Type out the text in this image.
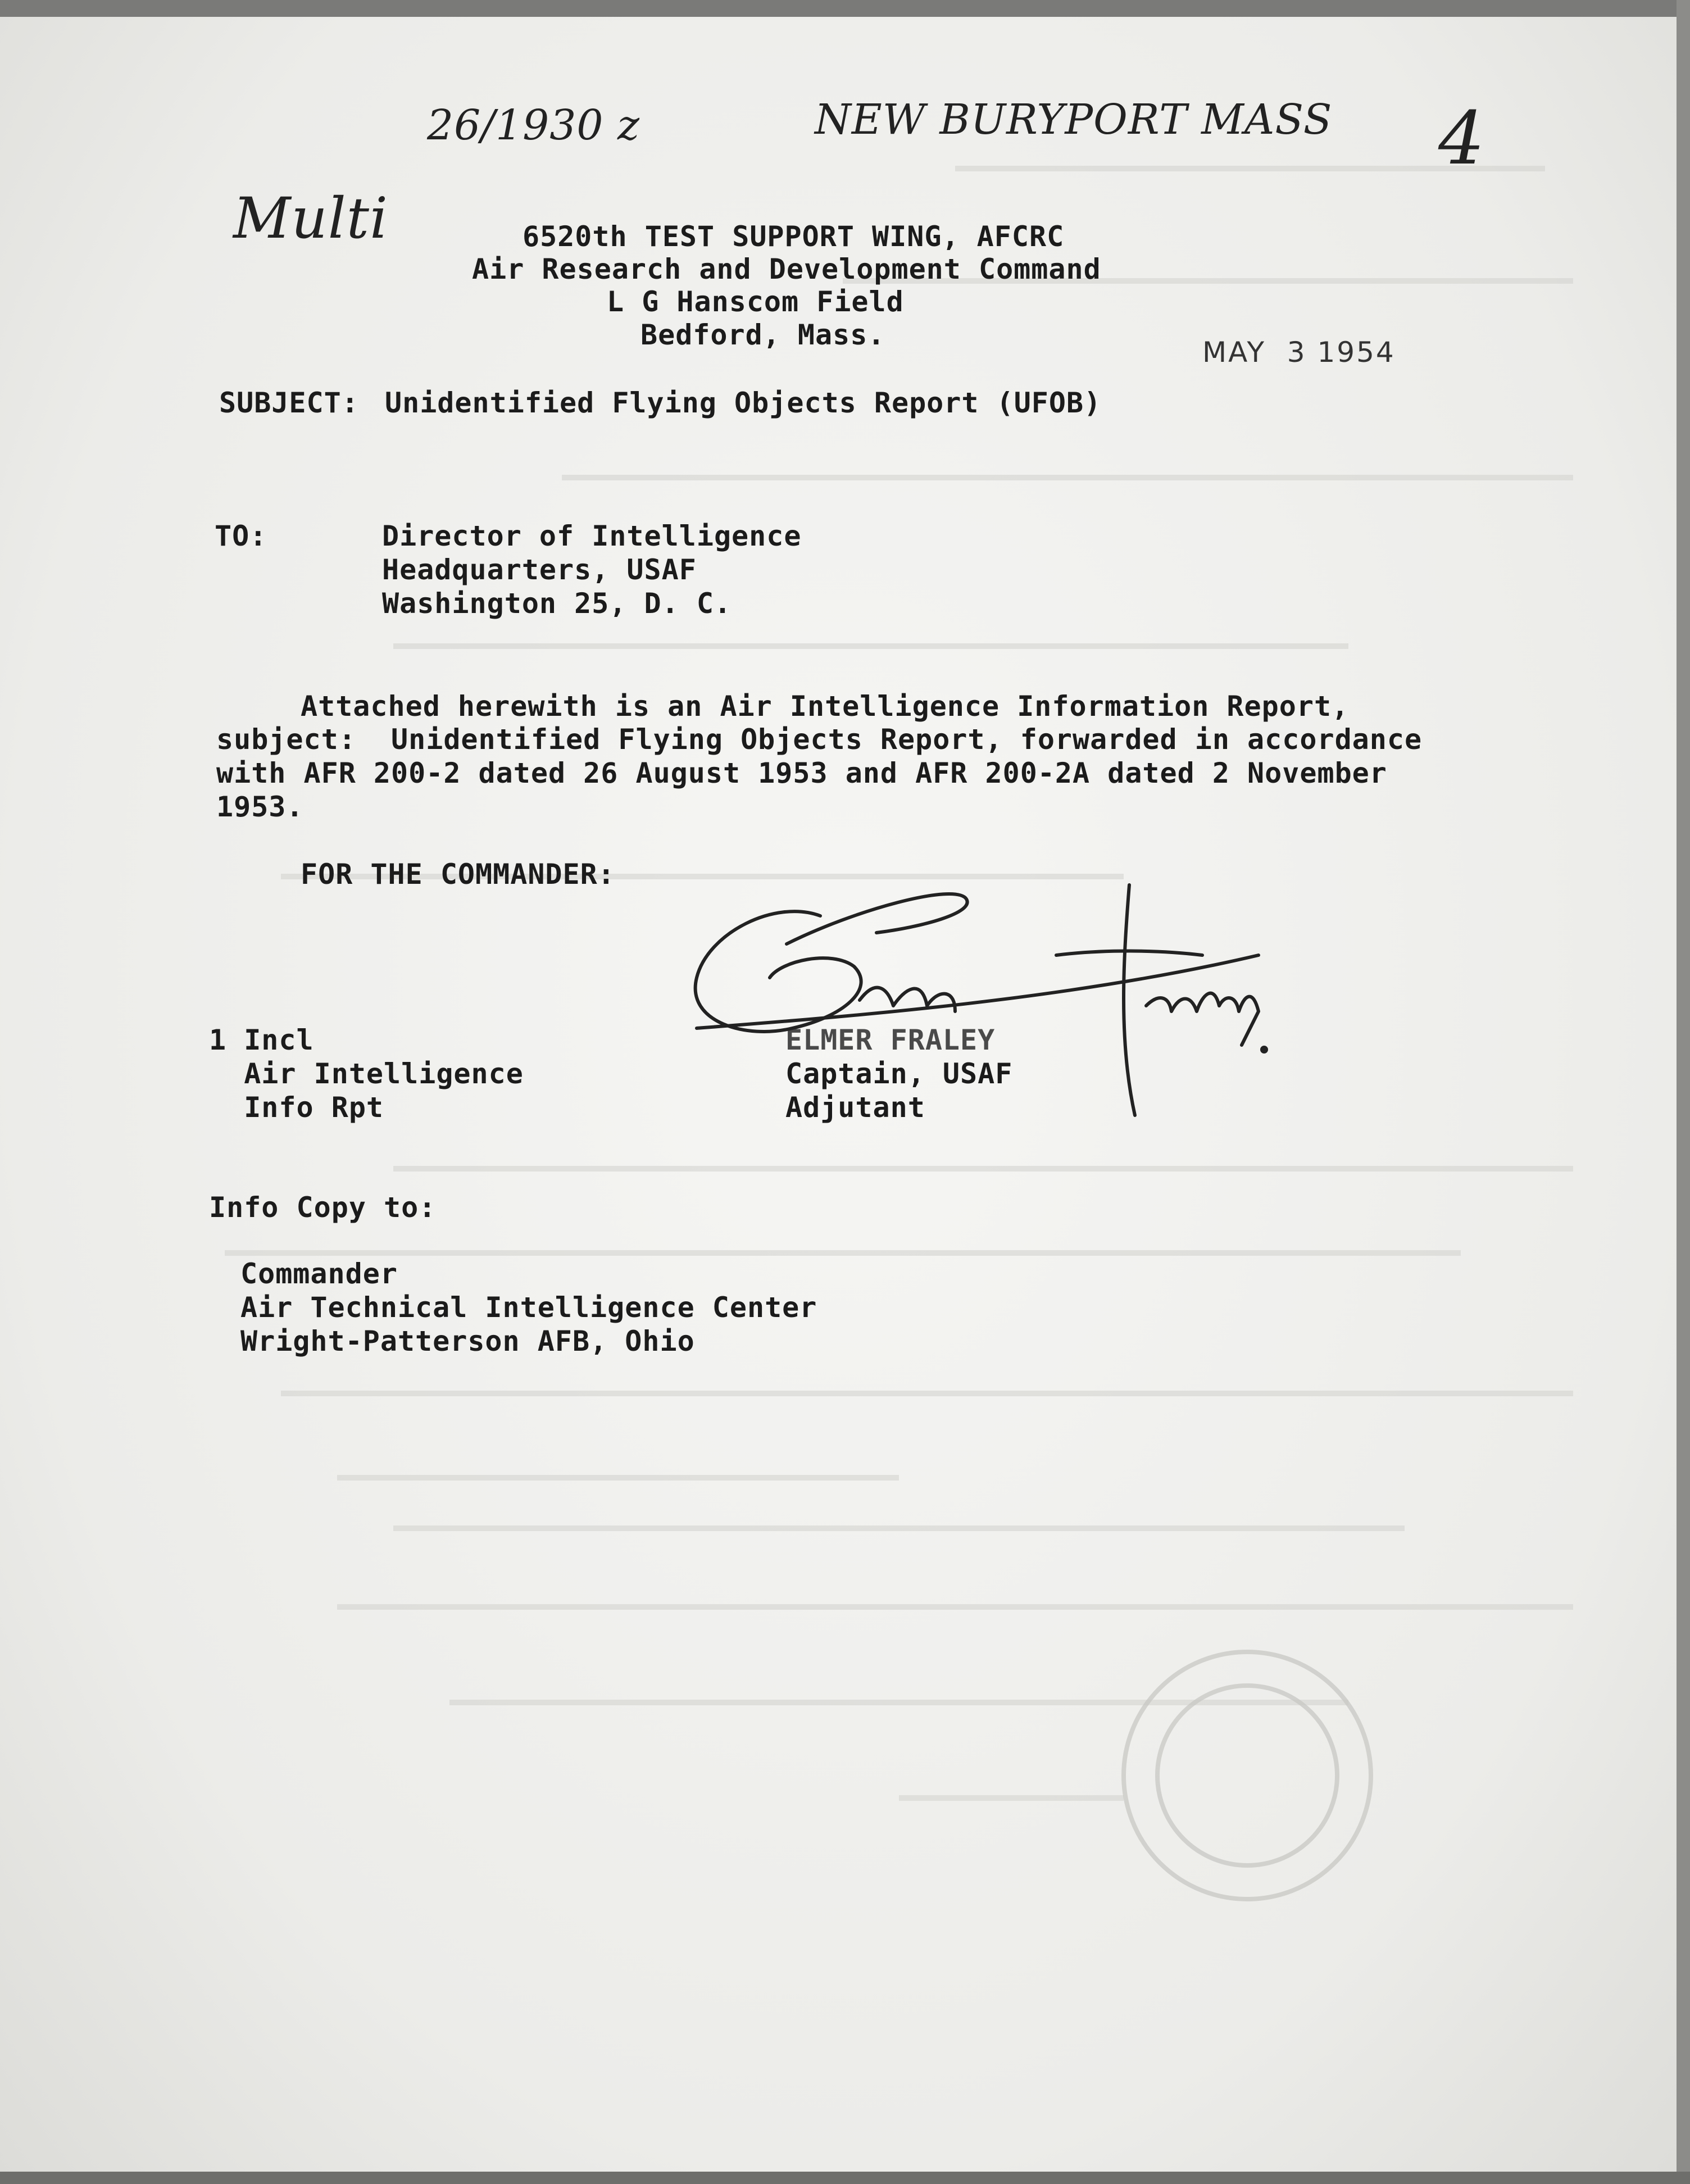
26/1930 z	NEW BURYPORT MASS 4
Multi	6520th TEST SUPPORT WING, AFCRC
Air Research and Development Command
L G Hanscom Field
Bedford, Mass.
MAY  3 1954
SUBJECT: Unidentified Flying Objects Report (UFOB)
TO:	Director of Intelligence
Headquarters, USAF
Washington 25, D. C.
Attached herewith is an Air Intelligence Information Report,
subject:  Unidentified Flying Objects Report, forwarded in accordance
with AFR 200-2 dated 26 August 1953 and AFR 200-2A dated 2 November
1953.
FOR THE COMMANDER:
1 Incl
Air Intelligence
Info Rpt
ELMER FRALEY
Captain, USAF
Adjutant
Info Copy to:
Commander
Air Technical Intelligence Center
Wright-Patterson AFB, Ohio
